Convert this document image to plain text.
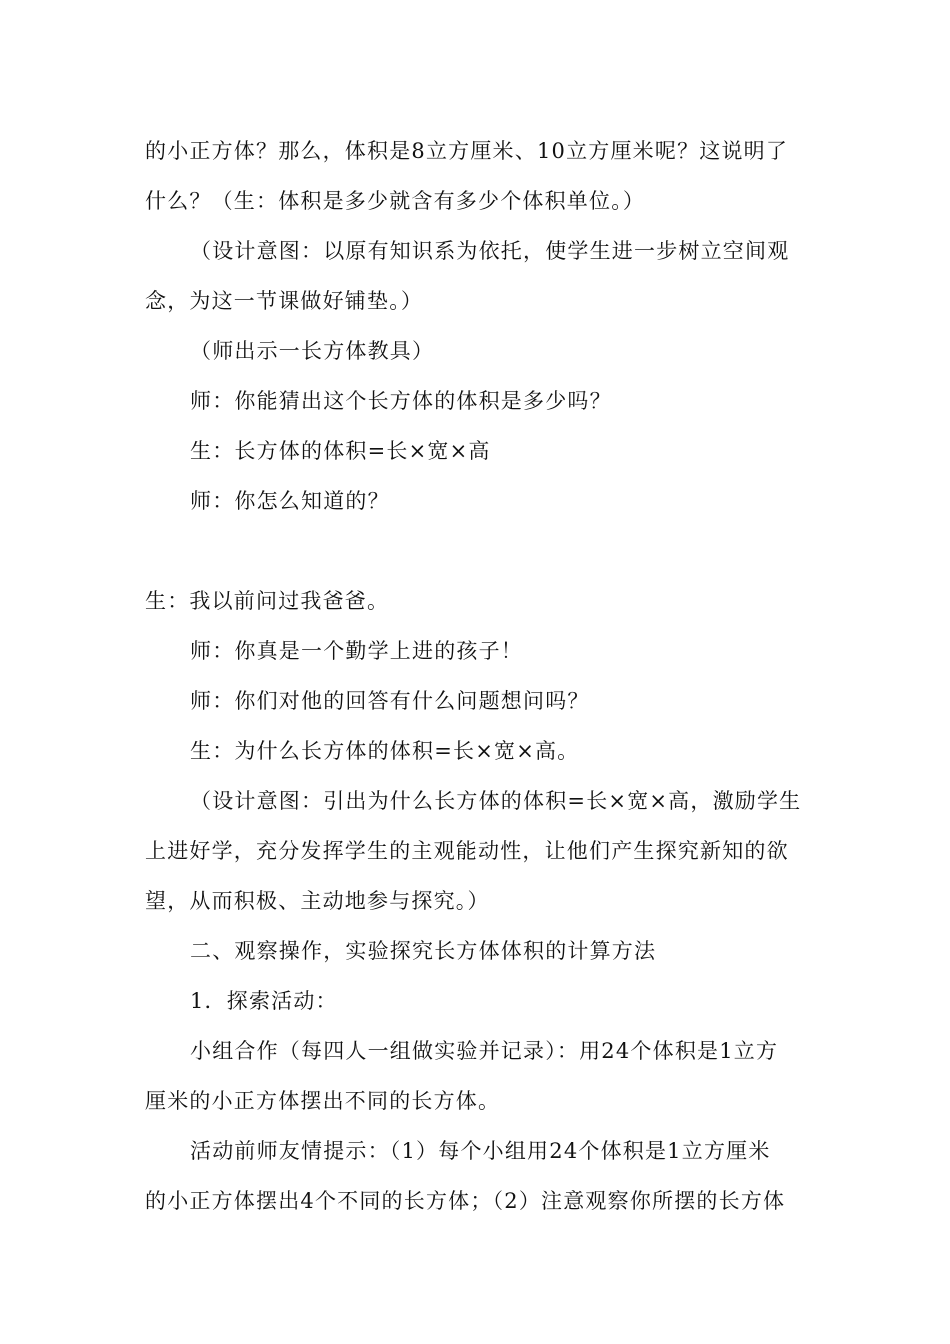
的小正方体？那么，体积是8立方厘米、10立方厘米呢？这说明了
什么？（生：体积是多少就含有多少个体积单位。）
（设计意图：以原有知识系为依托，使学生进一步树立空间观
念，为这一节课做好铺垫。）
（师出示一长方体教具）
师：你能猜出这个长方体的体积是多少吗？
生：长方体的体积=长×宽×高
师：你怎么知道的？
生：我以前问过我爸爸。
师：你真是一个勤学上进的孩子！
师：你们对他的回答有什么问题想问吗？
生：为什么长方体的体积=长×宽×高。
（设计意图：引出为什么长方体的体积=长×宽×高，激励学生
上进好学，充分发挥学生的主观能动性，让他们产生探究新知的欲
望，从而积极、主动地参与探究。）
二、观察操作，实验探究长方体体积的计算方法
1．探索活动：
小组合作（每四人一组做实验并记录）：用24个体积是1立方
厘米的小正方体摆出不同的长方体。
活动前师友情提示：（1）每个小组用24个体积是1立方厘米
的小正方体摆出4个不同的长方体；（2）注意观察你所摆的长方体
